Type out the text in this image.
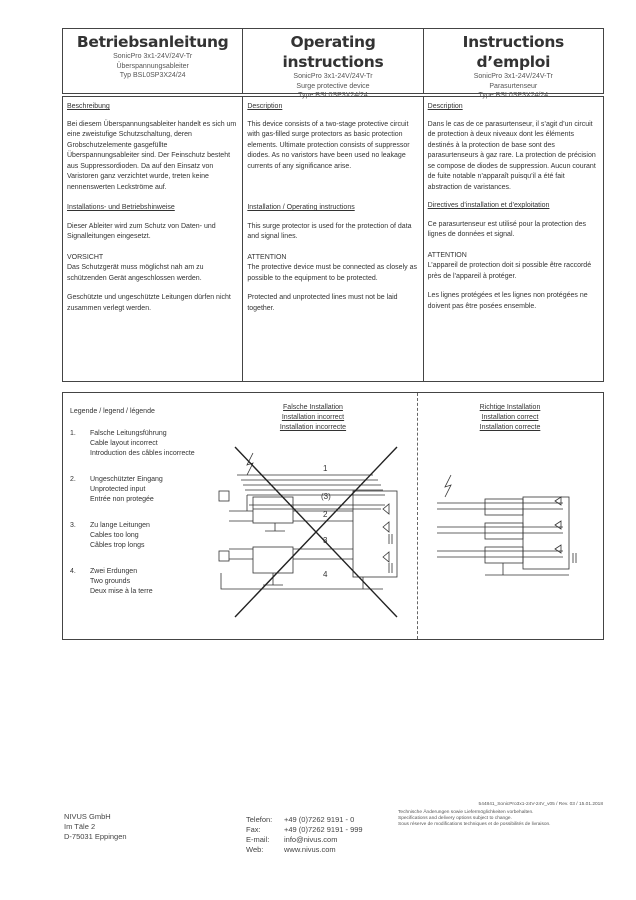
Betriebsanleitung
SonicPro 3x1-24V/24V-Tr
Überspannungsableiter
Typ BSL0SP3X24/24
Operating instructions
SonicPro 3x1-24V/24V-Tr
Surge protective device
Type BSL0SP3X24/24
Instructions d’emploi
SonicPro 3x1-24V/24V-Tr
Parasurtenseur
Type BSL0SP3X24/24

Beschreibung

Bei diesem Überspannungsableiter handelt es sich um eine zweistufige Schutzschaltung, deren Grobschutzelemente gasgefüllte Überspannungsableiter sind. Der Feinschutz besteht aus Suppressordioden. Da auf den Einsatz von Varistoren ganz verzichtet wurde, treten keine nennenswerten Leckströme auf.

Installations- und Betriebshinweise

Dieser Ableiter wird zum Schutz von Daten- und Signalleitungen eingesetzt.

VORSICHT

Das Schutzgerät muss möglichst nah am zu schützenden Gerät angeschlossen werden.

Geschützte und ungeschützte Leitungen dürfen nicht zusammen verlegt werden.

Description

This device consists of a two-stage protective circuit with gas-filled surge protectors as basic protection elements. Ultimate protection consists of suppressor diodes. As no varistors have been used no leakage currents of any significance arise.

Installation / Operating instructions

This surge protector is used for the protection of data and signal lines.

ATTENTION

The protective device must be connected as closely as possible to the equipment to be protected.

Protected and unprotected lines must not be laid together.

Description

Dans le cas de ce parasurtenseur, il s’agit d’un circuit de protection à deux niveaux dont les éléments destinés à la protection de base sont des parasurtenseurs à gaz rare. La protection de précision se compose de diodes de suppression. Aucun courant de fuite notable n’apparaît puisqu’il a été fait abstraction de varistances.

Directives d’installation et d’exploitation

Ce parasurtenseur est utilisé pour la protection des lignes de données et signal.

ATTENTION

L’appareil de protection doit si possible être raccordé près de l’appareil à protéger.

Les lignes protégées et les lignes non protégées ne doivent pas être posées ensemble.

Legende / legend / légende
1.	Falsche Leitungsführung
Cable layout incorrect
Introduction des câbles incorrecte
2.	Ungeschützter Eingang
Unprotected input
Entrée non protegée
3.	Zu lange Leitungen
Cables too long
Câbles trop longs
4.	Zwei Erdungen
Two grounds
Deux mise à la terre
Falsche Installation
Installation incorrect
Installation incorrecte
Richtige Installation
Installation correct
Installation correcte
1
(3)
2
3
4
NIVUS GmbH
Im Täle 2
D-75031 Eppingen
Telefon:	+49 (0)7262 9191 - 0
Fax:	+49 (0)7262 9191 - 999
E-mail:	info@nivus.com
Web:	www.nivus.com
544841_SonicPro3x1-24V-24V_v05 / Rev. 03 / 15.01.2018
Technische Änderungen sowie Liefermöglichkeiten vorbehalten.
Specifications and delivery options subject to change.
Sous réserve de modifications techniques et de possibilités de livraison.
